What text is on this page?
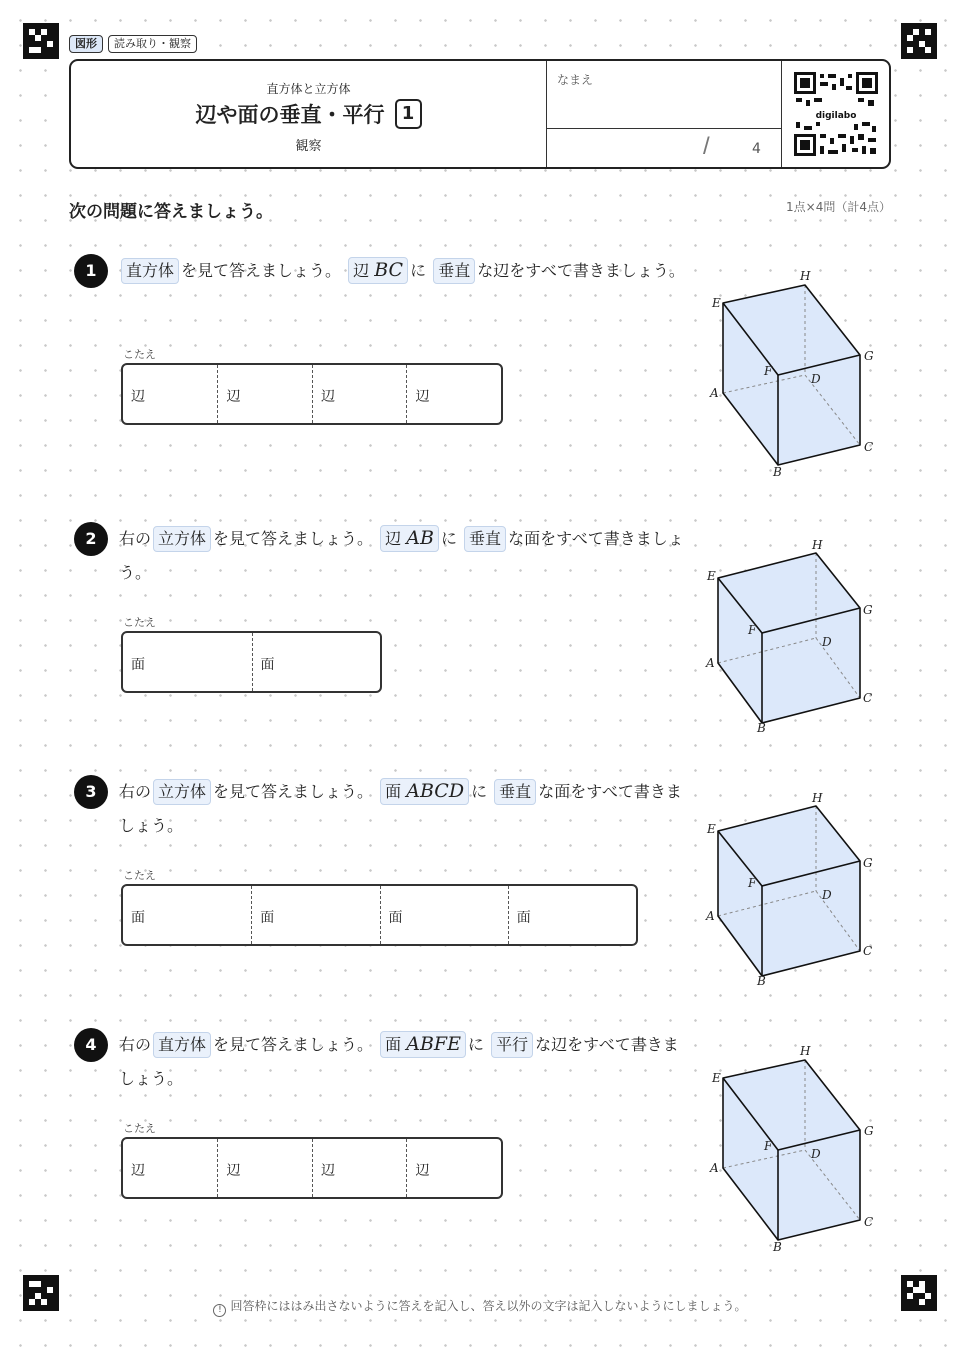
図形	読み取り・観察
直方体と立方体
辺や面の垂直・平行 1
観察
なまえ
/	4
digilabo
次の問題に答えましょう。	1点×4問（計4点）
1	直方体 を見て答えましょう。 辺 BC に 垂直 な辺をすべて書きましょう。
こたえ
辺	辺	辺	辺	A
B
C
D
E
F
G
H
2	右の 立方体 を見て答えましょう。 辺 AB に 垂直 な面をすべて書きましょう。
こたえ
面	面	A
B
C
D
E
F
G
H
3	右の 立方体 を見て答えましょう。 面 ABCD に 垂直 な面をすべて書きましょう。
こたえ
面	面	面	面	A
B
C
D
E
F
G
H
4	右の 直方体 を見て答えましょう。 面 ABFE に 平行 な辺をすべて書きましょう。
こたえ
辺	辺	辺	辺	A
B
C
D
E
F
G
H
! 回答枠にははみ出さないように答えを記入し、答え以外の文字は記入しないようにしましょう。
